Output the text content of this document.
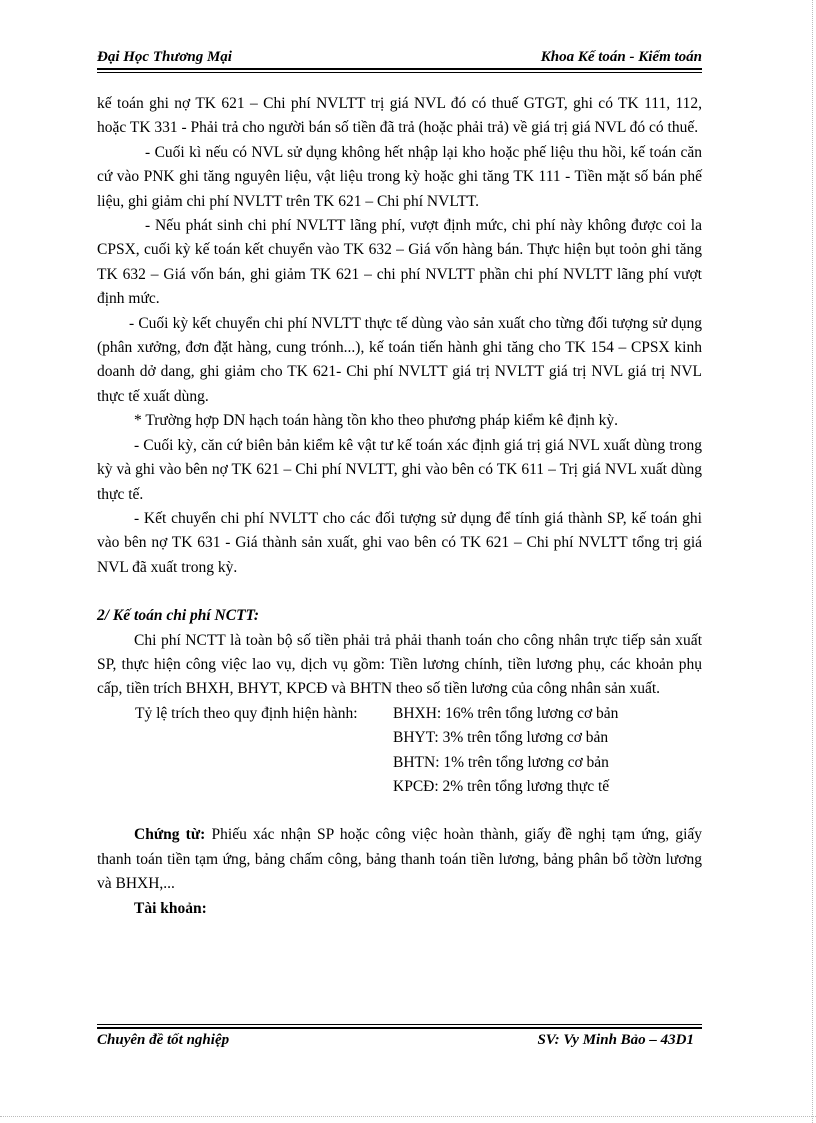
Đại Học Thương Mại	Khoa Kế toán - Kiểm toán

kế toán ghi nợ TK 621 – Chi phí NVLTT trị giá NVL đó có thuế GTGT, ghi có TK 111, 112, hoặc TK 331 - Phải trả cho người bán số tiền đã trả (hoặc phải trả) về giá trị giá NVL đó có thuế.

- Cuối kì nếu có NVL sử dụng không hết nhập lại kho hoặc phế liệu thu hồi, kế toán căn cứ vào PNK ghi tăng nguyên liệu, vật liệu trong kỳ hoặc ghi tăng TK 111 - Tiền mặt số bán phế liệu, ghi giảm chi phí NVLTT trên TK 621 – Chi phí NVLTT.

- Nếu phát sinh chi phí NVLTT lãng phí, vượt định mức, chi phí này không được coi la CPSX, cuối kỳ kế toán kết chuyển vào TK 632 – Giá vốn hàng bán. Thực hiện bụt toỏn ghi tăng TK 632 – Giá vốn bán, ghi giảm TK 621 – chi phí NVLTT phần chi phí NVLTT lãng phí vượt định mức.

- Cuối kỳ kết chuyển chi phí NVLTT thực tế dùng vào sản xuất cho từng đối tượng sử dụng (phân xưởng, đơn đặt hàng, cung trónh...), kế toán tiến hành ghi tăng cho TK 154 – CPSX kinh doanh dở dang, ghi giảm cho TK 621- Chi phí NVLTT giá trị NVLTT giá trị NVL giá trị NVL thực tế xuất dùng.

* Trường hợp DN hạch toán hàng tồn kho theo phương pháp kiểm kê định kỳ.

- Cuối kỳ, căn cứ biên bản kiểm kê vật tư kế toán xác định giá trị giá NVL xuất dùng trong kỳ và ghi vào bên nợ TK 621 – Chi phí NVLTT, ghi vào bên có TK 611 – Trị giá NVL xuất dùng thực tế.

- Kết chuyển chi phí NVLTT cho các đối tượng sử dụng để tính giá thành SP, kế toán ghi vào bên nợ TK 631 - Giá thành sản xuất, ghi vao bên có TK 621 – Chi phí NVLTT tổng trị giá NVL đã xuất trong kỳ.

2/ Kế toán chi phí NCTT:

Chi phí NCTT là toàn bộ số tiền phải trả phải thanh toán cho công nhân trực tiếp sản xuất SP, thực hiện công việc lao vụ, dịch vụ gồm: Tiền lương chính, tiền lương phụ, các khoản phụ cấp, tiền trích BHXH, BHYT, KPCĐ và BHTN theo số tiền lương của công nhân sản xuất.

Tỷ lệ trích theo quy định hiện hành:	BHXH: 16% trên tổng lương cơ bản
BHYT: 3% trên tổng lương cơ bản
BHTN: 1% trên tổng lương cơ bản
KPCĐ: 2% trên tổng lương thực tế

Chứng từ: Phiếu xác nhận SP hoặc công việc hoàn thành, giấy đề nghị tạm ứng, giấy thanh toán tiền tạm ứng, bảng chấm công, bảng thanh toán tiền lương, bảng phân bổ tờờn lương và BHXH,...

Tài khoản:

Chuyên đề tốt nghiệp	SV: Vy Minh Bảo – 43D1
